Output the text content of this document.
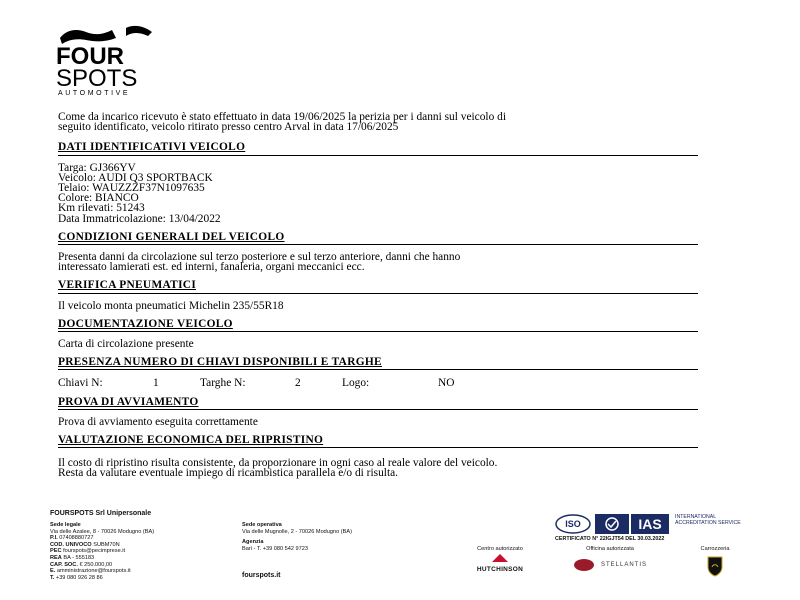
FOUR
SPOTS
AUTOMOTIVE
Come da incarico ricevuto è stato effettuato in data 19/06/2025 la perizia per i danni sul veicolo di
seguito identificato, veicolo ritirato presso centro Arval in data 17/06/2025
DATI IDENTIFICATIVI VEICOLO
Targa: GJ366YV
Veicolo: AUDI Q3 SPORTBACK
Telaio: WAUZZZF37N1097635
Colore: BIANCO
Km rilevati: 51243
Data Immatricolazione: 13/04/2022
CONDIZIONI GENERALI DEL VEICOLO
Presenta danni da circolazione sul terzo posteriore e sul terzo anteriore, danni che hanno
interessato lamierati est. ed interni, fanaleria, organi meccanici ecc.
VERIFICA PNEUMATICI
Il veicolo monta pneumatici Michelin 235/55R18
DOCUMENTAZIONE VEICOLO
Carta di circolazione presente
PRESENZA NUMERO DI CHIAVI DISPONIBILI E TARGHE
Chiavi N:	1	Targhe N:	2	Logo:	NO
PROVA DI AVVIAMENTO
Prova di avviamento eseguita correttamente
VALUTAZIONE ECONOMICA DEL RIPRISTINO
Il costo di ripristino risulta consistente, da proporzionare in ogni caso al reale valore del veicolo.
Resta da valutare eventuale impiego di ricambistica parallela e/o di risulta.
FOURSPOTS Srl Unipersonale
Sede legale
Via delle Azalee, 8 - 70026 Modugno (BA)
P.I. 07408880727
COD. UNIVOCO SUBM70N
PEC fourspots@pecimprese.it
REA BA - 555183
CAP. SOC. € 250.000,00
E. amministrazione@fourspots.it
T. +39 080 926 28 86
Sede operativa
Via delle Mugnolle, 2 - 70026 Modugno (BA)
Agenzia
Bari - T. +39 080 542 9723
fourspots.it
ISO	IAS	INTERNATIONAL ACCREDITATION SERVICE
CERTIFICATO N° 22IGJT54 DEL 30.03.2022
Centro autorizzato
HUTCHINSON
Officina autorizzata
STELLANTIS
Carrozzeria
